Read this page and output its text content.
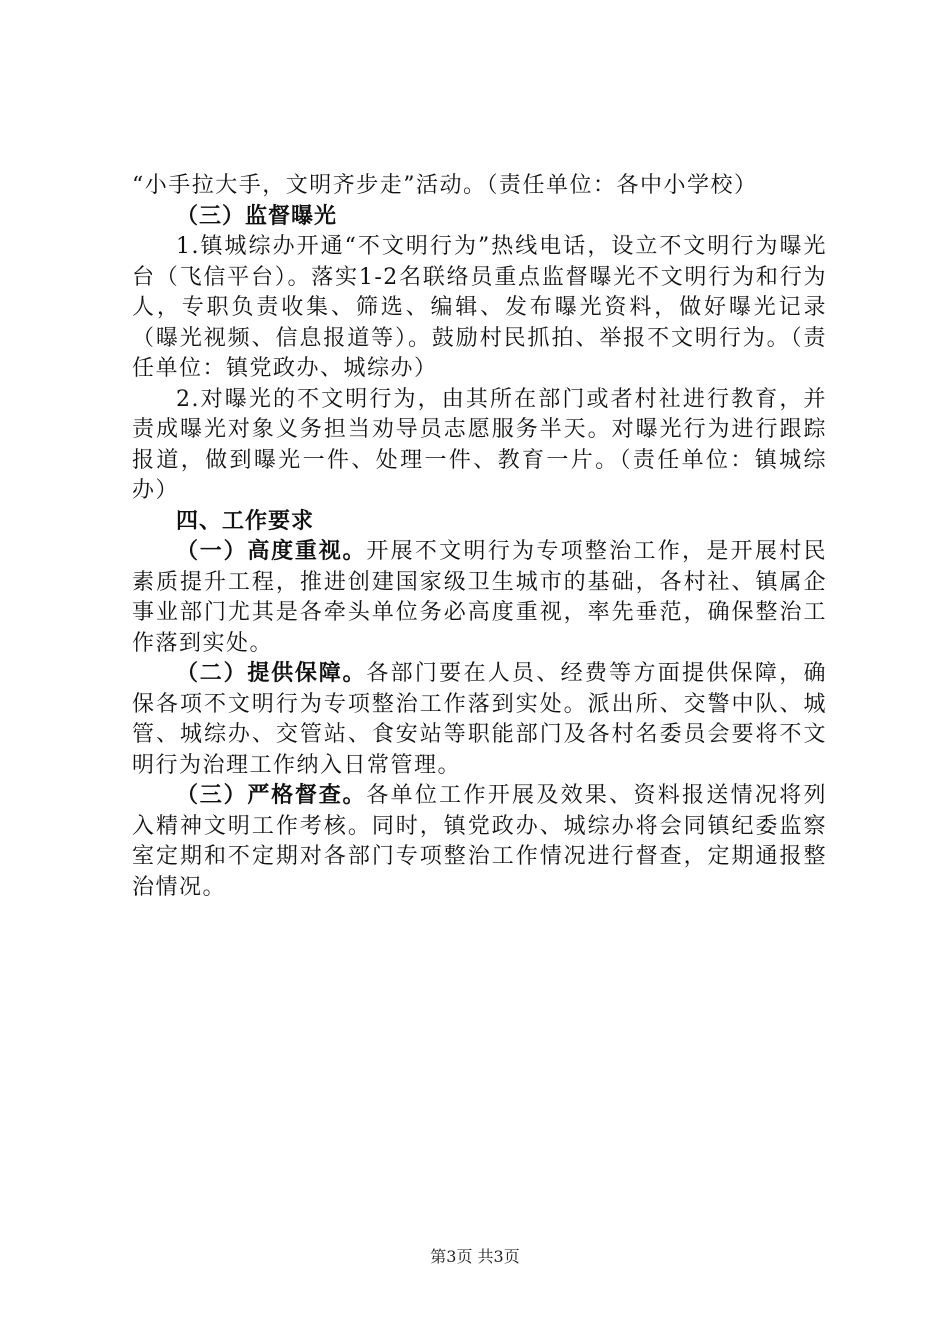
“小手拉大手，文明齐步走”活动。（责任单位：各中小学校）

（三）监督曝光

1.镇城综办开通“不文明行为”热线电话，设立不文明行为曝光台（飞信平台）。落实1-2名联络员重点监督曝光不文明行为和行为人，专职负责收集、筛选、编辑、发布曝光资料，做好曝光记录（曝光视频、信息报道等）。鼓励村民抓拍、举报不文明行为。（责任单位：镇党政办、城综办）

2.对曝光的不文明行为，由其所在部门或者村社进行教育，并责成曝光对象义务担当劝导员志愿服务半天。对曝光行为进行跟踪报道，做到曝光一件、处理一件、教育一片。（责任单位：镇城综办）

四、工作要求

（一）高度重视。开展不文明行为专项整治工作，是开展村民素质提升工程，推进创建国家级卫生城市的基础，各村社、镇属企事业部门尤其是各牵头单位务必高度重视，率先垂范，确保整治工作落到实处。

（二）提供保障。各部门要在人员、经费等方面提供保障，确保各项不文明行为专项整治工作落到实处。派出所、交警中队、城管、城综办、交管站、食安站等职能部门及各村名委员会要将不文明行为治理工作纳入日常管理。

（三）严格督查。各单位工作开展及效果、资料报送情况将列入精神文明工作考核。同时，镇党政办、城综办将会同镇纪委监察室定期和不定期对各部门专项整治工作情况进行督查，定期通报整治情况。

第3页 共3页
